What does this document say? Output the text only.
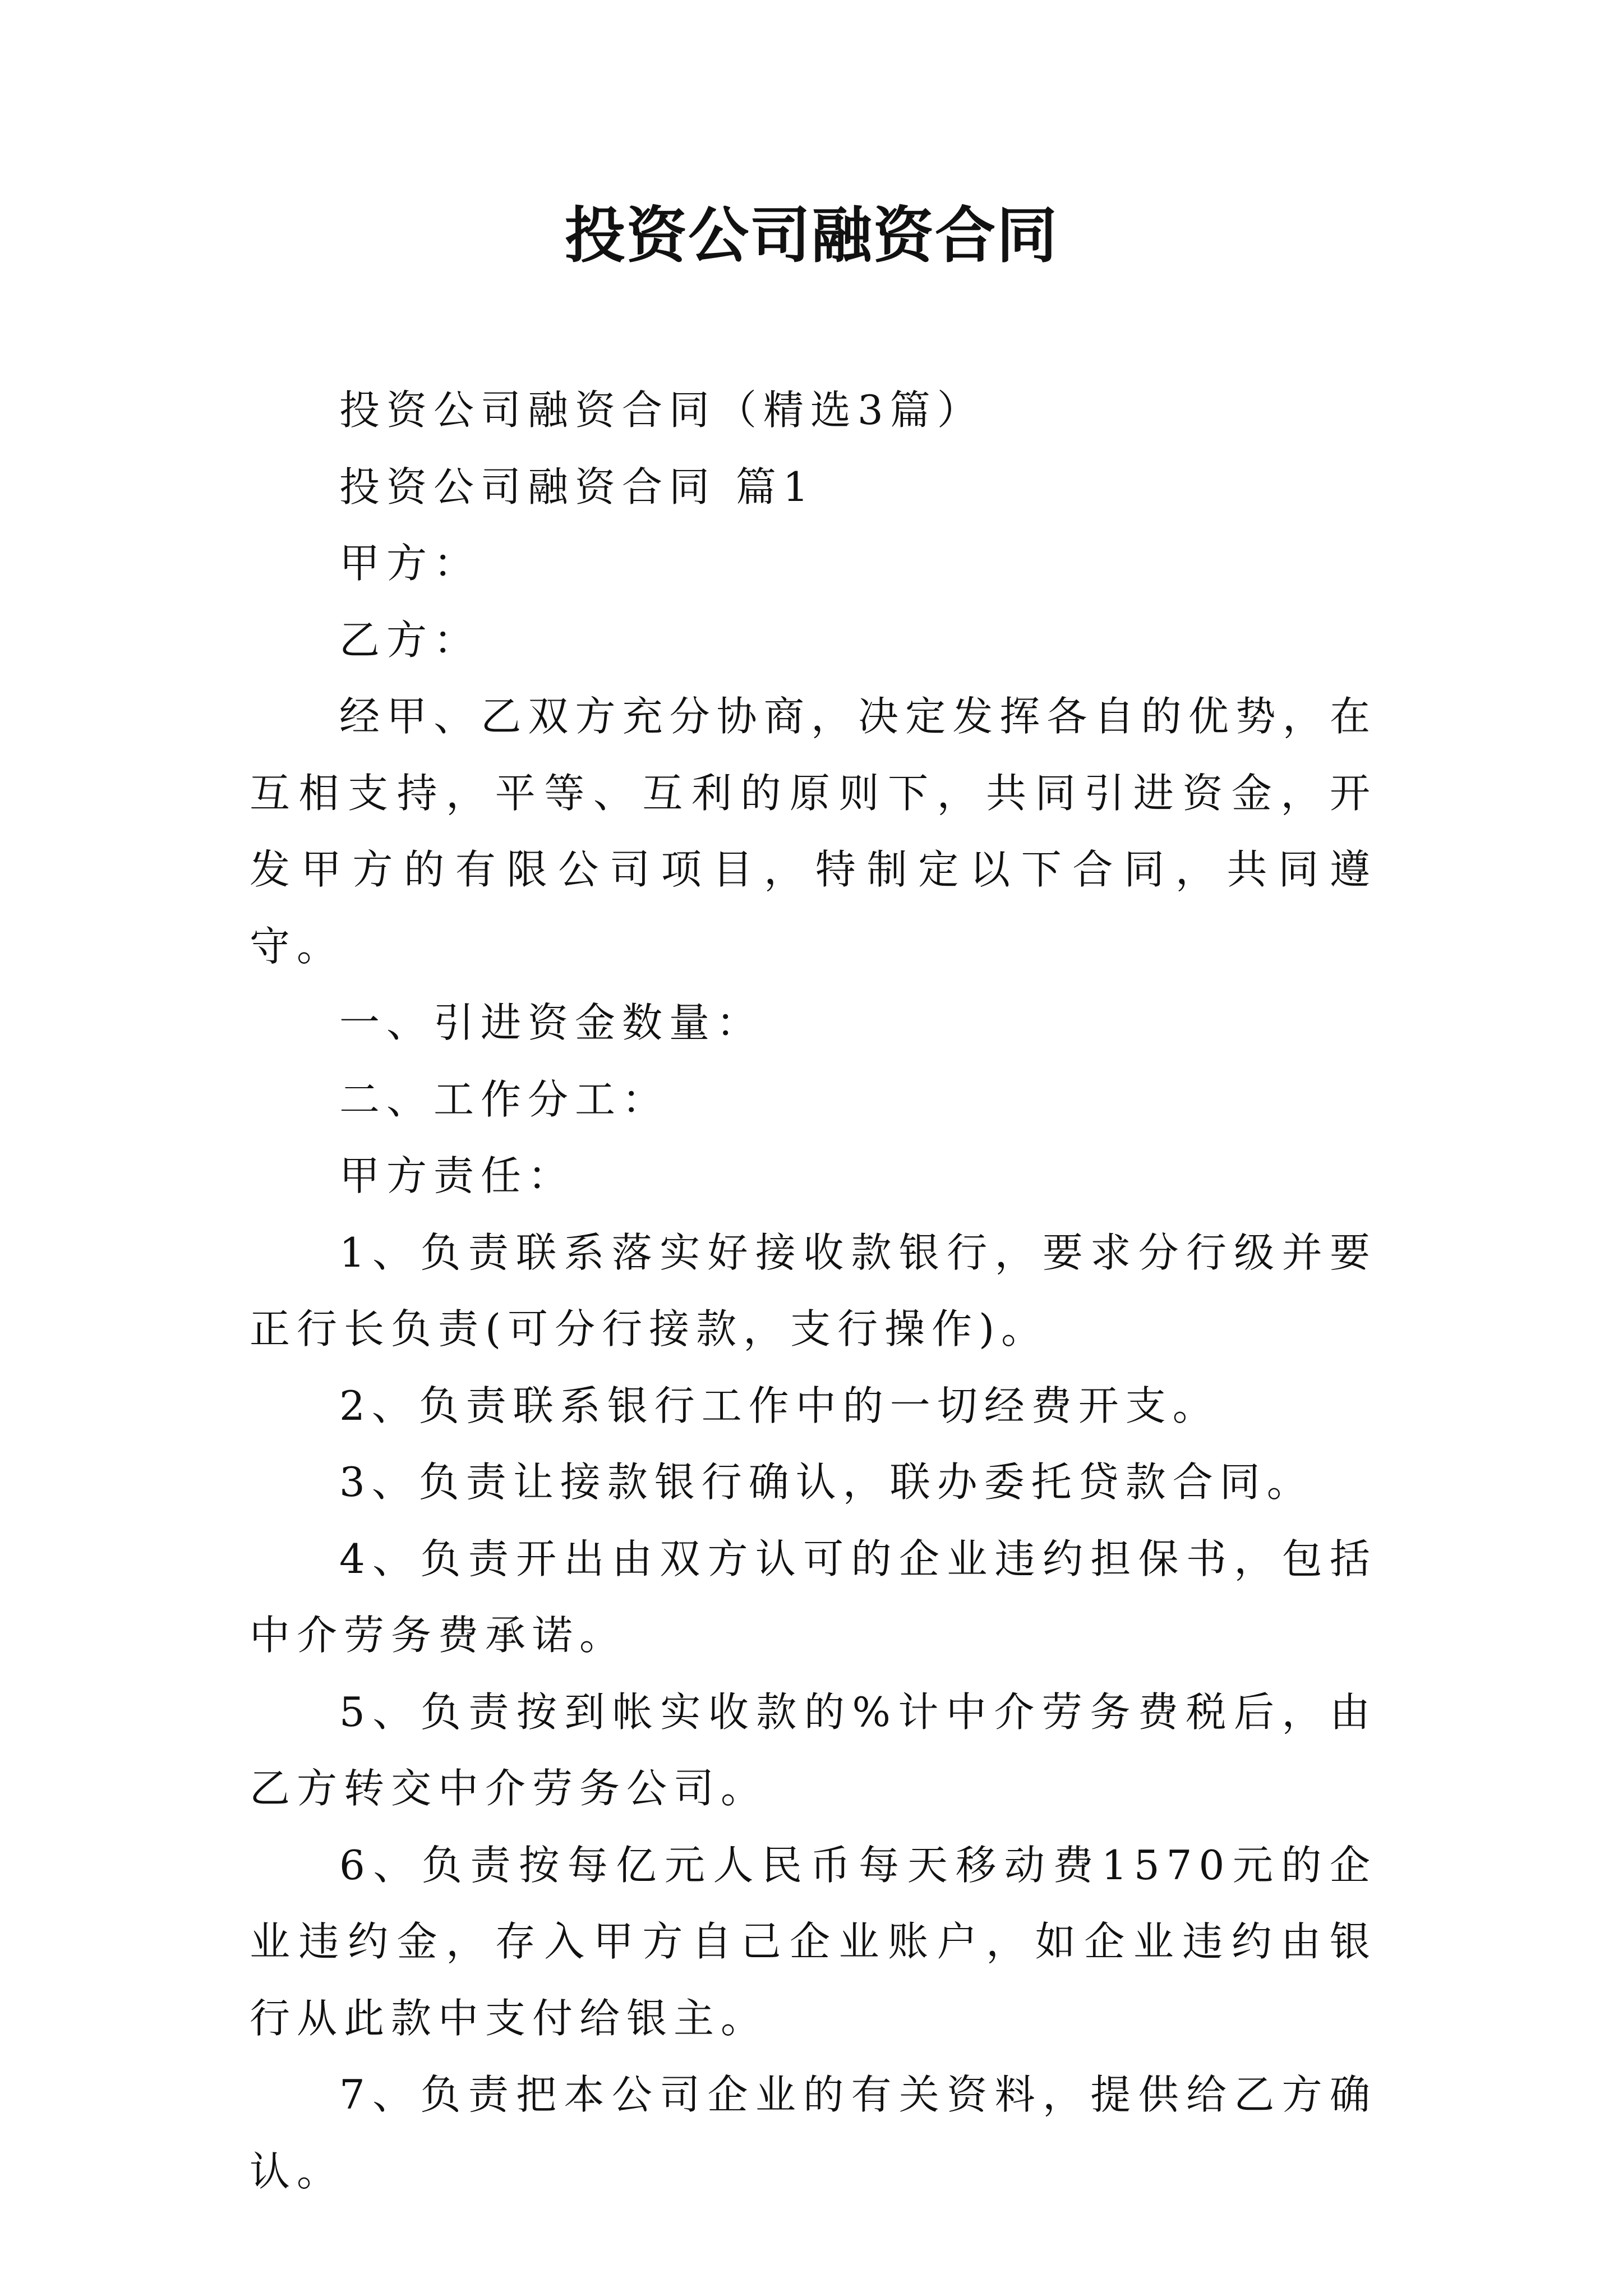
投资公司融资合同

投资公司融资合同（精选3篇）

投资公司融资合同 篇1

甲方：

乙方：

经甲、乙双方充分协商，决定发挥各自的优势，在互相支持，平等、互利的原则下，共同引进资金，开发甲方的有限公司项目，特制定以下合同，共同遵守。

一、引进资金数量：

二、工作分工：

甲方责任：

1、负责联系落实好接收款银行，要求分行级并要正行长负责(可分行接款，支行操作)。

2、负责联系银行工作中的一切经费开支。

3、负责让接款银行确认，联办委托贷款合同。

4、负责开出由双方认可的企业违约担保书，包括中介劳务费承诺。

5、负责按到帐实收款的%计中介劳务费税后，由乙方转交中介劳务公司。

6、负责按每亿元人民币每天移动费1570元的企业违约金，存入甲方自己企业账户，如企业违约由银行从此款中支付给银主。

7、负责把本公司企业的有关资料，提供给乙方确认。
